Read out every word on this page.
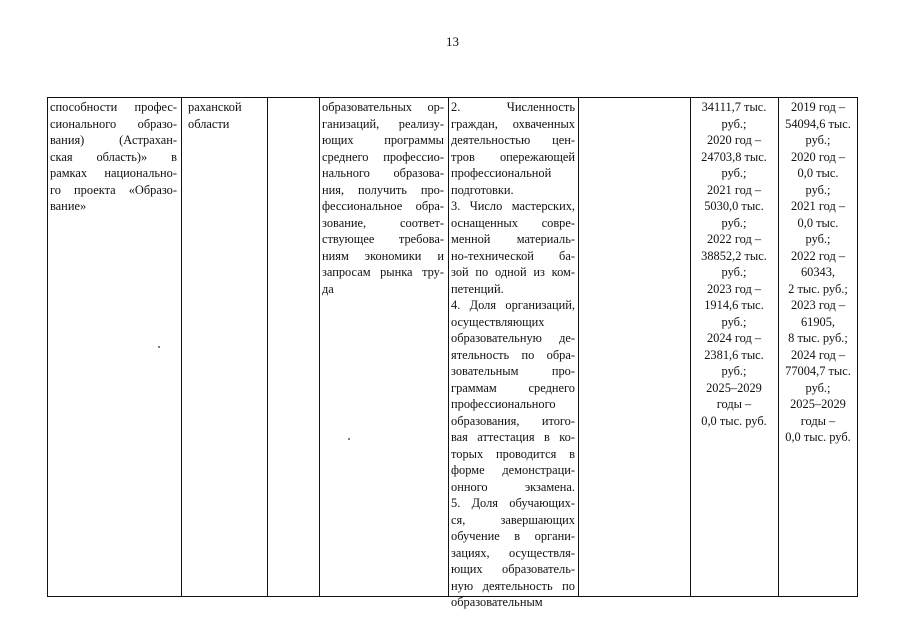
13
способности профес-
сионального образо-
вания) (Астрахан-
ская область)» в
рамках национально-
го проекта «Образо-
вание»
раханской
области
образовательных ор-
ганизаций, реализу-
ющих программы
среднего профессио-
нального образова-
ния, получить про-
фессиональное обра-
зование, соответ-
ствующее требова-
ниям экономики и
запросам рынка тру-
да
2. Численность
граждан, охваченных
деятельностью цен-
тров опережающей
профессиональной
подготовки.
3. Число мастерских,
оснащенных совре-
менной материаль-
но-технической ба-
зой по одной из ком-
петенций.
4. Доля организаций,
осуществляющих
образовательную де-
ятельность по обра-
зовательным про-
граммам среднего
профессионального
образования, итого-
вая аттестация в ко-
торых проводится в
форме демонстраци-
онного экзамена.
5. Доля обучающих-
ся, завершающих
обучение в органи-
зациях, осуществля-
ющих образователь-
ную деятельность по
образовательным
34111,7 тыс.
руб.;
2020 год –
24703,8 тыс.
руб.;
2021 год –
5030,0 тыс.
руб.;
2022 год –
38852,2 тыс.
руб.;
2023 год –
1914,6 тыс.
руб.;
2024 год –
2381,6 тыс.
руб.;
2025–2029
годы –
0,0 тыс. руб.
2019 год –
54094,6 тыс.
руб.;
2020 год –
0,0 тыс.
руб.;
2021 год –
0,0 тыс.
руб.;
2022 год –
60343,
2 тыс. руб.;
2023 год –
61905,
8 тыс. руб.;
2024 год –
77004,7 тыс.
руб.;
2025–2029
годы –
0,0 тыс. руб.
